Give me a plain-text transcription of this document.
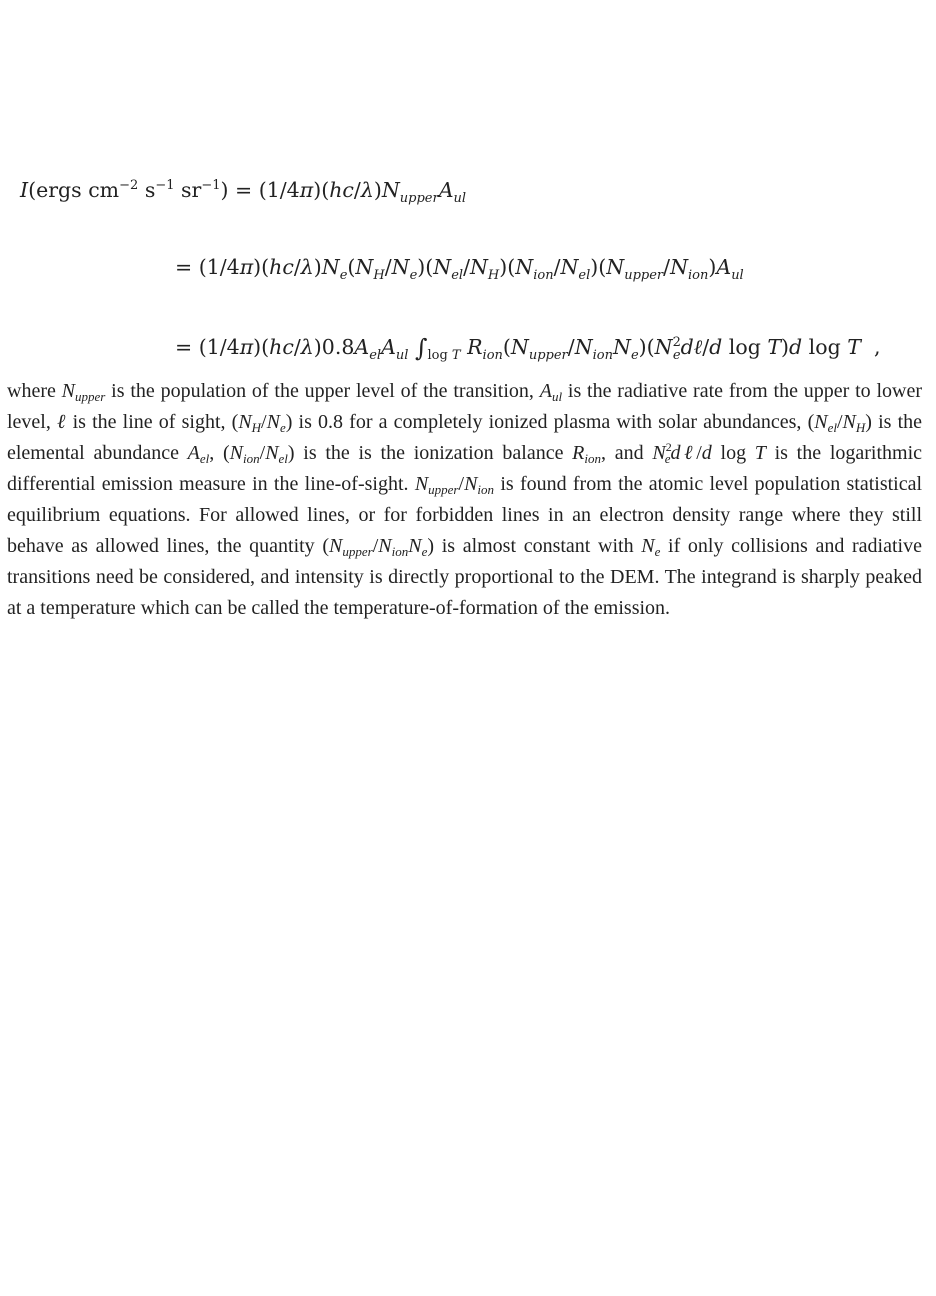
I(ergs $cm^{-2}$ $s^{-1}$ $sr^{-1}) = (1/4\pi)(hc/\lambda)N_{upper}A_{ul}$
= $(1/4\pi)(hc/\lambda)N_e(N_H/N_e)(N_{el}/N_H)(N_{ion}/N_{el})(N_{upper}/N_{ion})A_{ul}$
= $(1/4\pi)(hc/\lambda)0.8A_{el}A_{ul}$ $\int_{log T}$ $R_{ion}(N_{upper}/N_{ion}N_e)(N^2_ed\ell/d$ log T)d log T  ,
where $N_{upper}$ is the population of the upper level of the transition, $A_{ul}$ is the radiative rate from the upper to lower level, ℓ is the line of sight, $(N_H/N_e)$ is 0.8 for a completely ionized plasma with solar abundances, $(N_{el}/N_H)$ is the elemental abundance $A_{el}$, $(N_{ion}/N_{el})$ is the is the ionization balance $R_{ion}$, and $N^2_ed\ell/d$ log T is the logarithmic differential emission measure in the line-of-sight. $N_{upper}/N_{ion}$ is found from the atomic level population statistical equilibrium equations. For allowed lines, or for forbidden lines in an electron density range where they still behave as allowed lines, the quantity $(N_{upper}/N_{ion}N_e)$ is almost constant with $N_e$ if only collisions and radiative transitions need be considered, and intensity is directly proportional to the DEM. The integrand is sharply peaked at a temperature which can be called the temperature-of-formation of the emission.
